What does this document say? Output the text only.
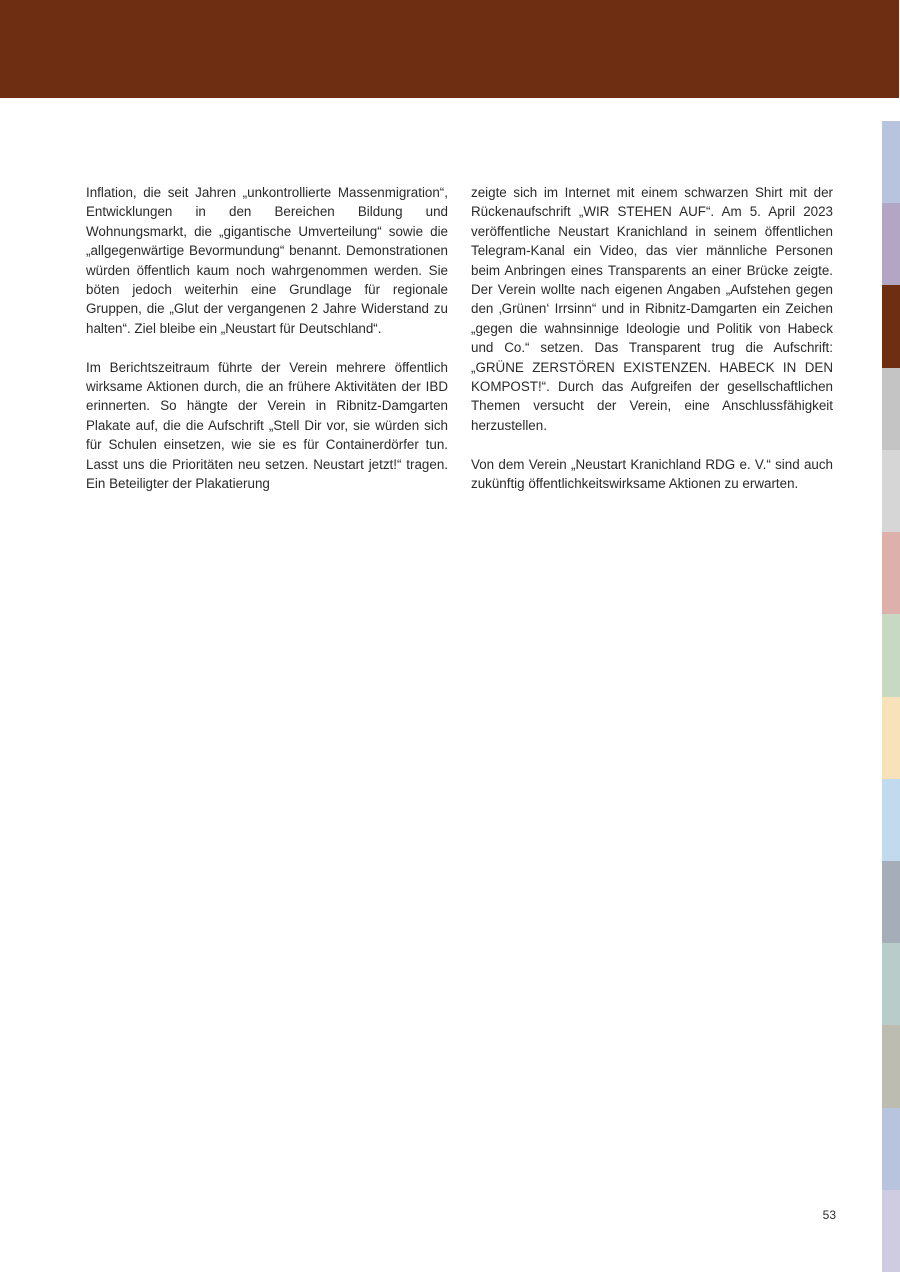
Inflation, die seit Jahren „unkontrollierte Massenmigration“, Entwicklungen in den Bereichen Bildung und Wohnungsmarkt, die „gigantische Umverteilung“ sowie die „allgegenwärtige Bevormundung“ benannt. Demonstrationen würden öffentlich kaum noch wahrgenommen werden. Sie böten jedoch weiterhin eine Grundlage für regionale Gruppen, die „Glut der vergangenen 2 Jahre Widerstand zu halten“. Ziel bleibe ein „Neustart für Deutschland“.

Im Berichtszeitraum führte der Verein mehrere öffentlich wirksame Aktionen durch, die an frühere Aktivitäten der IBD erinnerten. So hängte der Verein in Ribnitz-Damgarten Plakate auf, die die Aufschrift „Stell Dir vor, sie würden sich für Schulen einsetzen, wie sie es für Containerdörfer tun. Lasst uns die Prioritäten neu setzen. Neustart jetzt!“ tragen. Ein Beteiligter der Plakatierung

zeigte sich im Internet mit einem schwarzen Shirt mit der Rückenaufschrift „WIR STEHEN AUF“. Am 5. April 2023 veröffentliche Neustart Kranichland in seinem öffentlichen Telegram-Kanal ein Video, das vier männliche Personen beim Anbringen eines Transparents an einer Brücke zeigte. Der Verein wollte nach eigenen Angaben „Aufstehen gegen den ‚Grünen‘ Irrsinn“ und in Ribnitz-Damgarten ein Zeichen „gegen die wahnsinnige Ideologie und Politik von Habeck und Co.“ setzen. Das Transparent trug die Aufschrift: „GRÜNE ZERSTÖREN EXISTENZEN. HABECK IN DEN KOMPOST!“. Durch das Aufgreifen der gesellschaftlichen Themen versucht der Verein, eine Anschlussfähigkeit herzustellen.

Von dem Verein „Neustart Kranichland RDG e. V.“ sind auch zukünftig öffentlichkeitswirksame Aktionen zu erwarten.

53
